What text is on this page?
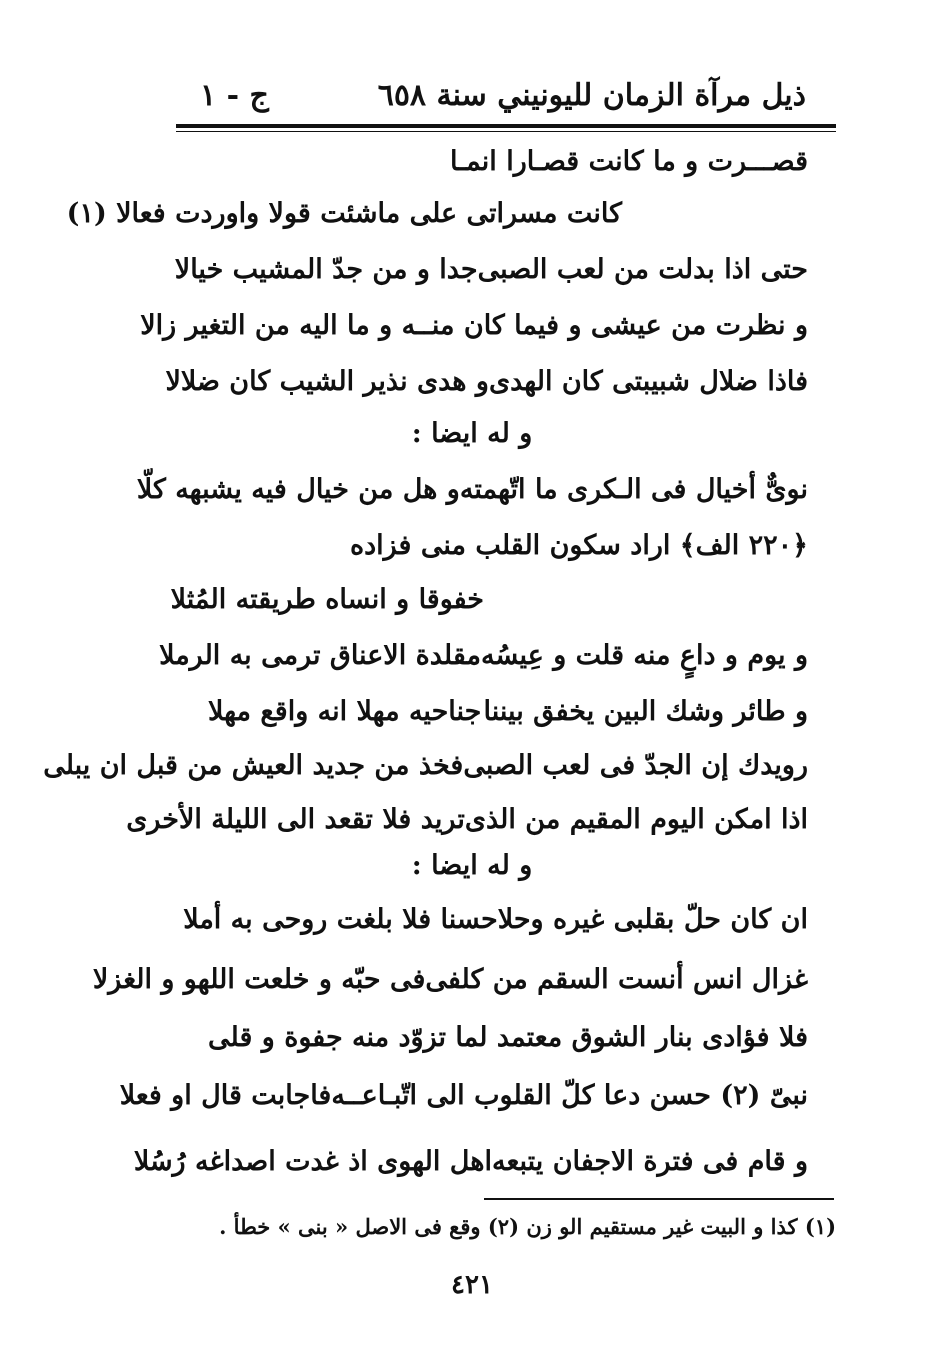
ذيل مرآة الزمان لليونيني سنة ٦٥٨
ج - ١
قصـــرت و ما كانت قصـارا انمـا
كانت مسراتى على ماشئت قولا واوردت فعالا (١)
حتى اذا بدلت من لعب الصبى
جدا و من جدّ المشيب خيالا
و نظرت من عيشى و فيما كان منـ
ـه و ما اليه من التغير زالا
فاذا ضلال شبيبتى كان الهدى
و هدى نذير الشيب كان ضلالا
و له ايضا :
نوىٌّ أخيال فى الـكرى ما اتّهمته
و هل من خيال فيه يشبهه كلّا
﴿٢٢٠ الف﴾ اراد سكون القلب منى فزاده
خفوقا و انساه طريقته المُثلا
و يوم و داعٍ منه قلت و عِيسُه
مقلدة الاعناق ترمى به الرملا
و طائر وشك البين يخفق بيننا
جناحيه مهلا انه واقع مهلا
رويدك إن الجدّ فى لعب الصبى
فخذ من جديد العيش من قبل ان يبلى
اذا امكن اليوم المقيم من الذى
تريد فلا تقعد الى الليلة الأخرى
و له ايضا :
ان كان حلّ بقلبى غيره وحلا
حسنا فلا بلغت روحى به أملا
غزال انس أنست السقم من كلفى
فى حبّه و خلعت اللهو و الغزلا
فلا فؤادى بنار الشوق معتمد
لما تزوّد منه جفوة و قلى
نبىّ (٢) حسن دعا كلّ القلوب الى اتّبـاعــه
فاجابت قال او فعلا
و قام فى فترة الاجفان يتبعه
اهل الهوى اذ غدت اصداغه رُسُلا
(١) كذا و البيت غير مستقيم الو زن (٢) وقع فى الاصل « بنى » خطأ .
٤٢١
